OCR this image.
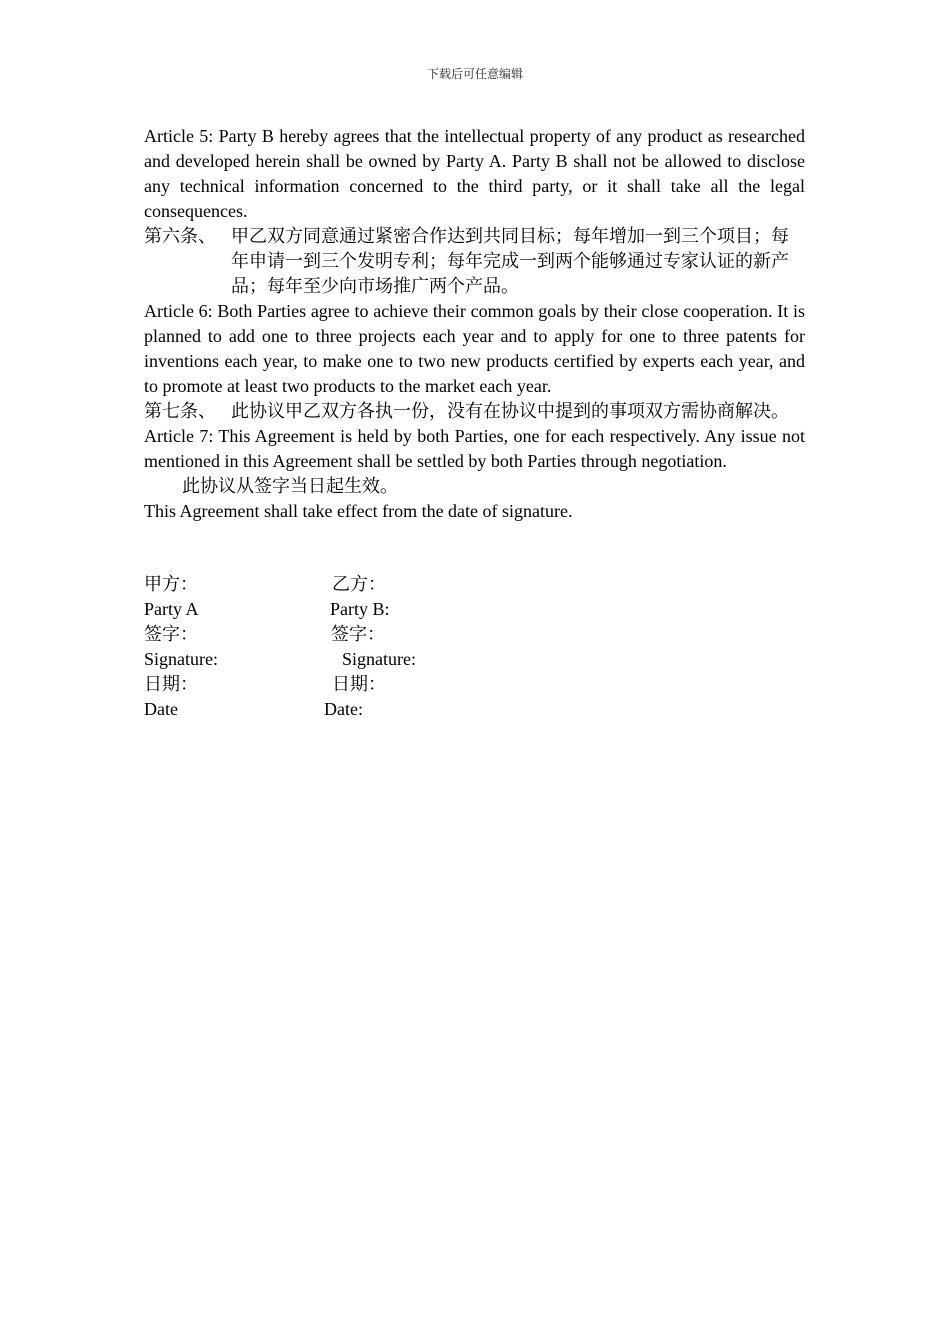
下载后可任意编辑

Article 5: Party B hereby agrees that the intellectual property of any product as researched and developed herein shall be owned by Party A. Party B shall not be allowed to disclose any technical information concerned to the third party, or it shall take all the legal consequences.

第六条、 甲乙双方同意通过紧密合作达到共同目标；每年增加一到三个项目；每年申请一到三个发明专利；每年完成一到两个能够通过专家认证的新产品；每年至少向市场推广两个产品。

Article 6: Both Parties agree to achieve their common goals by their close cooperation. It is planned to add one to three projects each year and to apply for one to three patents for inventions each year, to make one to two new products certified by experts each year, and to promote at least two products to the market each year.

第七条、 此协议甲乙双方各执一份，没有在协议中提到的事项双方需协商解决。

Article 7: This Agreement is held by both Parties, one for each respectively. Any issue not mentioned in this Agreement shall be settled by both Parties through negotiation.

此协议从签字当日起生效。

This Agreement shall take effect from the date of signature.

甲方：	乙方：
Party A	Party B:
签字：	签字：
Signature:	Signature:
日期：	日期：
Date	Date:
